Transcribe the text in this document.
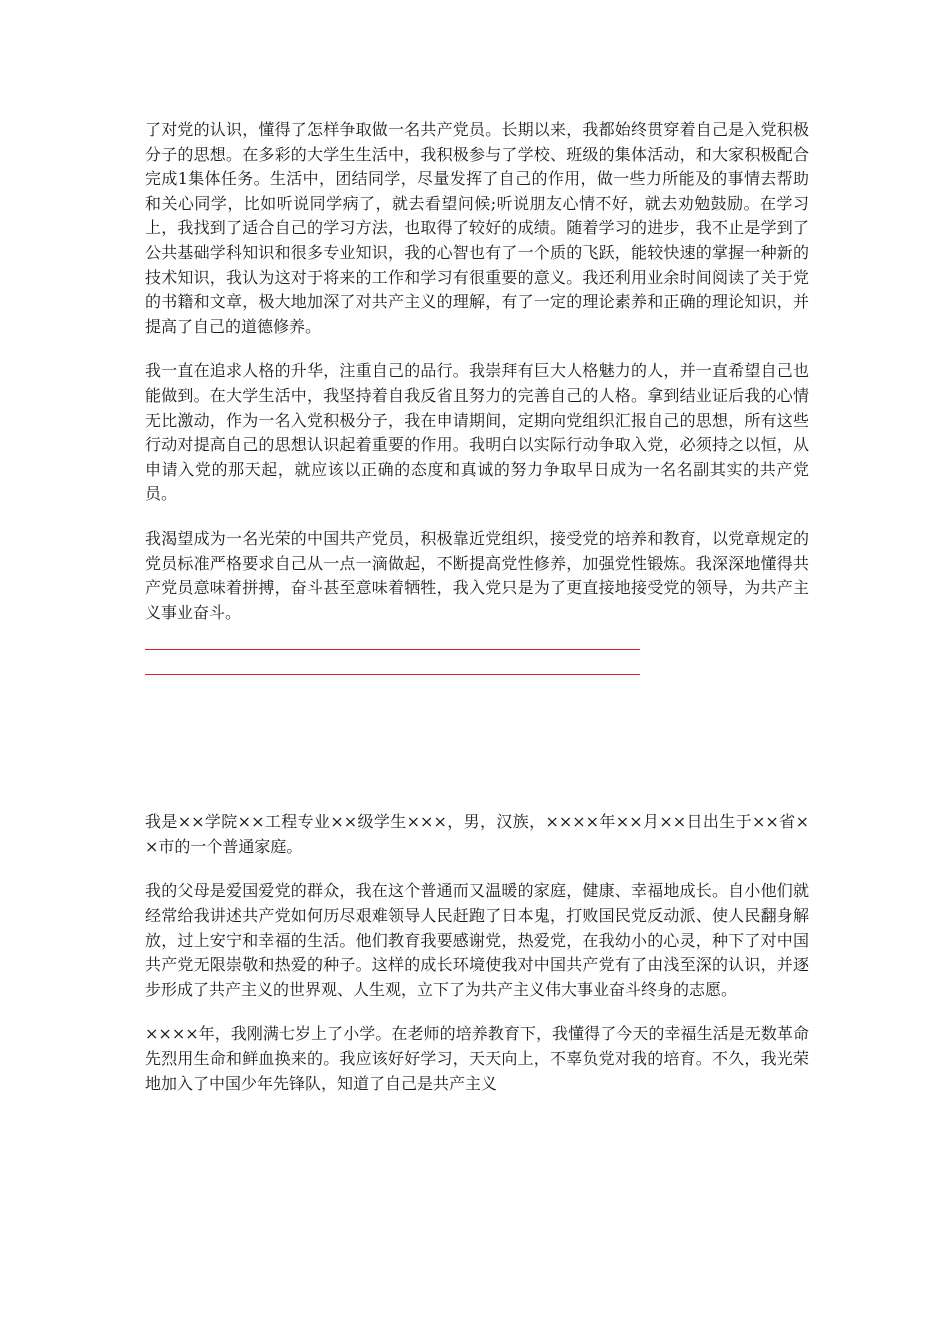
了对党的认识，懂得了怎样争取做一名共产党员。长期以来，我都始终贯穿着自己是入党积极分子的思想。在多彩的大学生生活中，我积极参与了学校、班级的集体活动，和大家积极配合完成1集体任务。生活中，团结同学，尽量发挥了自己的作用，做一些力所能及的事情去帮助和关心同学，比如听说同学病了，就去看望问候;听说朋友心情不好，就去劝勉鼓励。在学习上，我找到了适合自己的学习方法，也取得了较好的成绩。随着学习的进步，我不止是学到了公共基础学科知识和很多专业知识，我的心智也有了一个质的飞跃，能较快速的掌握一种新的技术知识，我认为这对于将来的工作和学习有很重要的意义。我还利用业余时间阅读了关于党的书籍和文章，极大地加深了对共产主义的理解，有了一定的理论素养和正确的理论知识，并提高了自己的道德修养。

我一直在追求人格的升华，注重自己的品行。我崇拜有巨大人格魅力的人，并一直希望自己也能做到。在大学生活中，我坚持着自我反省且努力的完善自己的人格。拿到结业证后我的心情无比激动，作为一名入党积极分子，我在申请期间，定期向党组织汇报自己的思想，所有这些行动对提高自己的思想认识起着重要的作用。我明白以实际行动争取入党，必须持之以恒，从申请入党的那天起，就应该以正确的态度和真诚的努力争取早日成为一名名副其实的共产党员。

我渴望成为一名光荣的中国共产党员，积极靠近党组织，接受党的培养和教育，以党章规定的党员标准严格要求自己从一点一滴做起，不断提高党性修养，加强党性锻炼。我深深地懂得共产党员意味着拼搏，奋斗甚至意味着牺牲，我入党只是为了更直接地接受党的领导，为共产主义事业奋斗。

我是××学院××工程专业××级学生×××，男，汉族，××××年××月××日出生于××省××市的一个普通家庭。

我的父母是爱国爱党的群众，我在这个普通而又温暖的家庭，健康、幸福地成长。自小他们就经常给我讲述共产党如何历尽艰难领导人民赶跑了日本鬼，打败国民党反动派、使人民翻身解放，过上安宁和幸福的生活。他们教育我要感谢党，热爱党，在我幼小的心灵，种下了对中国共产党无限崇敬和热爱的种子。这样的成长环境使我对中国共产党有了由浅至深的认识，并逐步形成了共产主义的世界观、人生观，立下了为共产主义伟大事业奋斗终身的志愿。

××××年，我刚满七岁上了小学。在老师的培养教育下，我懂得了今天的幸福生活是无数革命先烈用生命和鲜血换来的。我应该好好学习，天天向上，不辜负党对我的培育。不久，我光荣地加入了中国少年先锋队，知道了自己是共产主义
